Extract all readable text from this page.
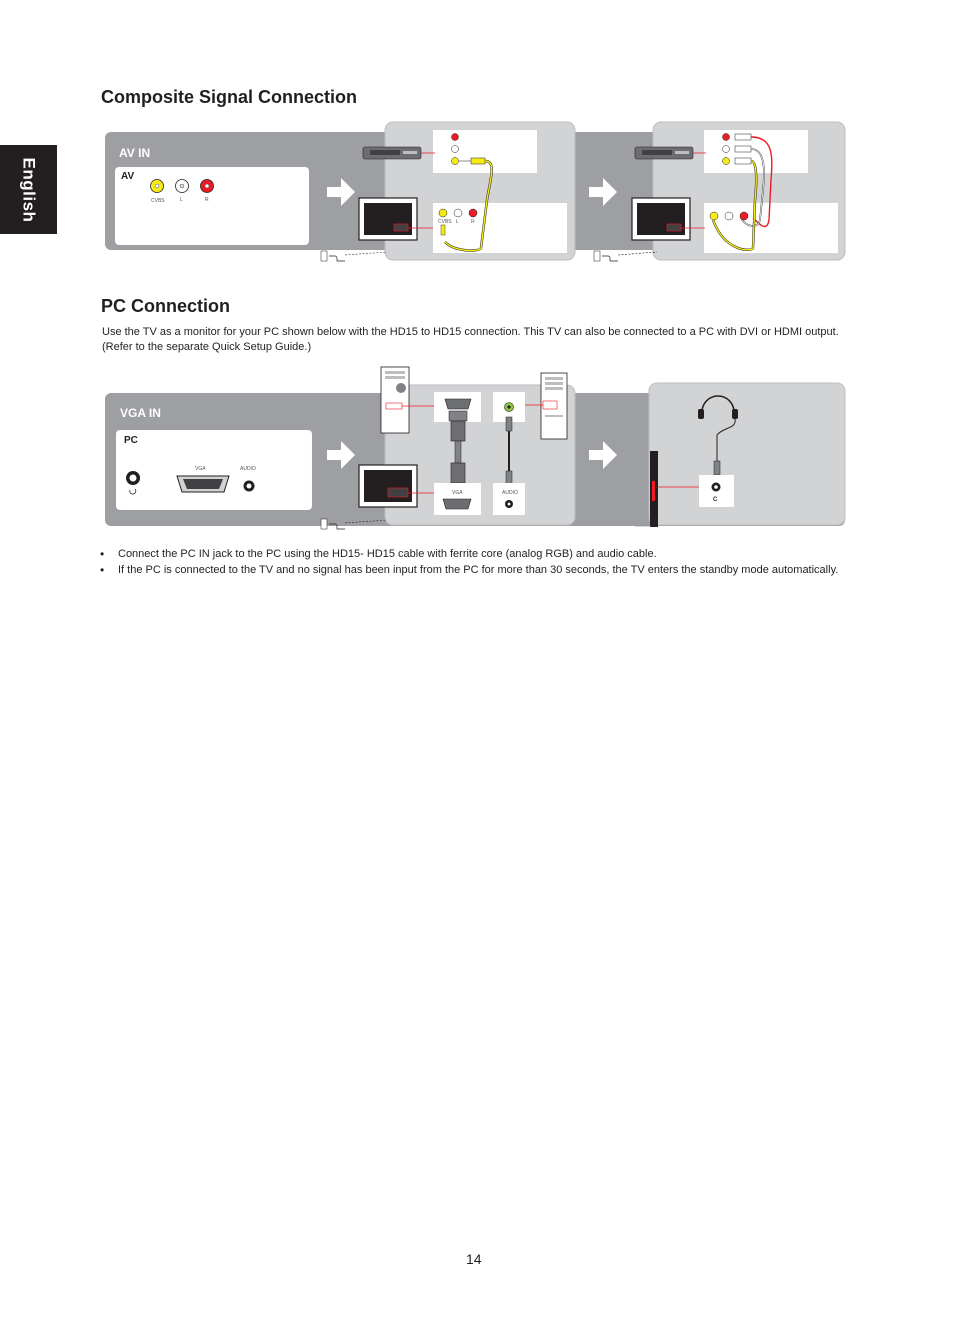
English
Composite Signal Connection
AV IN
AV
CVBS	L	R
CVBS L R
PC Connection

Use the TV as a monitor for your PC shown below with the HD15 to HD15 connection. This TV can also be connected to a PC with DVI or HDMI output. (Refer to the separate Quick Setup Guide.)

VGA IN
PC
VGA	AUDIO
VGA	AUDIO
C
• Connect the PC IN jack to the PC using the HD15- HD15 cable with ferrite core (analog RGB) and audio cable.
• If the PC is connected to the TV and no signal has been input from the PC for more than 30 seconds, the TV enters the standby mode automatically.
14
